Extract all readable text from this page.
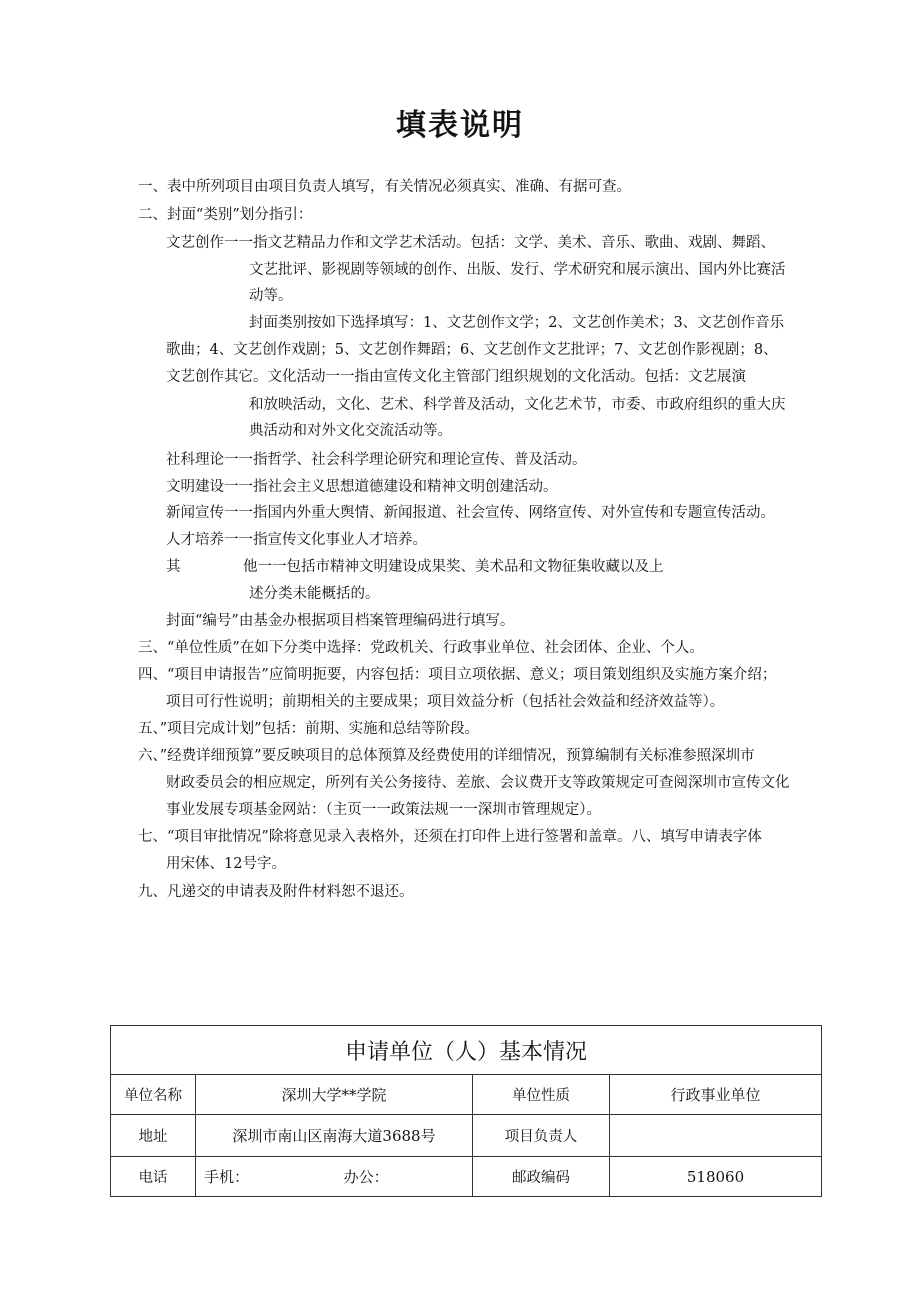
填表说明
一、表中所列项目由项目负责人填写，有关情况必须真实、准确、有据可查。
二、封面“类别”划分指引：
文艺创作一一指文艺精品力作和文学艺术活动。包括：文学、美术、音乐、歌曲、戏剧、舞蹈、
文艺批评、影视剧等领域的创作、出版、发行、学术研究和展示演出、国内外比赛活
动等。
封面类别按如下选择填写：1、文艺创作文学；2、文艺创作美术；3、文艺创作音乐
歌曲；4、文艺创作戏剧；5、文艺创作舞蹈；6、文艺创作文艺批评；7、文艺创作影视剧；8、
文艺创作其它。文化活动一一指由宣传文化主管部门组织规划的文化活动。包括：文艺展演
和放映活动，文化、艺术、科学普及活动，文化艺术节，市委、市政府组织的重大庆
典活动和对外文化交流活动等。
社科理论一一指哲学、社会科学理论研究和理论宣传、普及活动。
文明建设一一指社会主义思想道德建设和精神文明创建活动。
新闻宣传一一指国内外重大舆情、新闻报道、社会宣传、网络宣传、对外宣传和专题宣传活动。
人才培养一一指宣传文化事业人才培养。
其	他一一包括市精神文明建设成果奖、美术品和文物征集收藏以及上
述分类未能概括的。
封面“编号”由基金办根据项目档案管理编码进行填写。
三、“单位性质”在如下分类中选择：党政机关、行政事业单位、社会团体、企业、个人。
四、“项目申请报告”应简明扼要，内容包括：项目立项依据、意义；项目策划组织及实施方案介绍；
项目可行性说明；前期相关的主要成果；项目效益分析（包括社会效益和经济效益等）。
五、”项目完成计划”包括：前期、实施和总结等阶段。
六、”经费详细预算”要反映项目的总体预算及经费使用的详细情况，预算编制有关标准参照深圳市
财政委员会的相应规定，所列有关公务接待、差旅、会议费开支等政策规定可查阅深圳市宣传文化
事业发展专项基金网站：（主页一一政策法规一一深圳市管理规定）。
七、“项目审批情况”除将意见录入表格外，还须在打印件上进行签署和盖章。八、填写申请表字体
用宋体、12号字。
九、凡递交的申请表及附件材料恕不退还。
申请单位（人）基本情况			
单位名称	深圳大学**学院	单位性质	行政事业单位
地址	深圳市南山区南海大道3688号	项目负责人	
电话	手机： 办公：	邮政编码	518060
